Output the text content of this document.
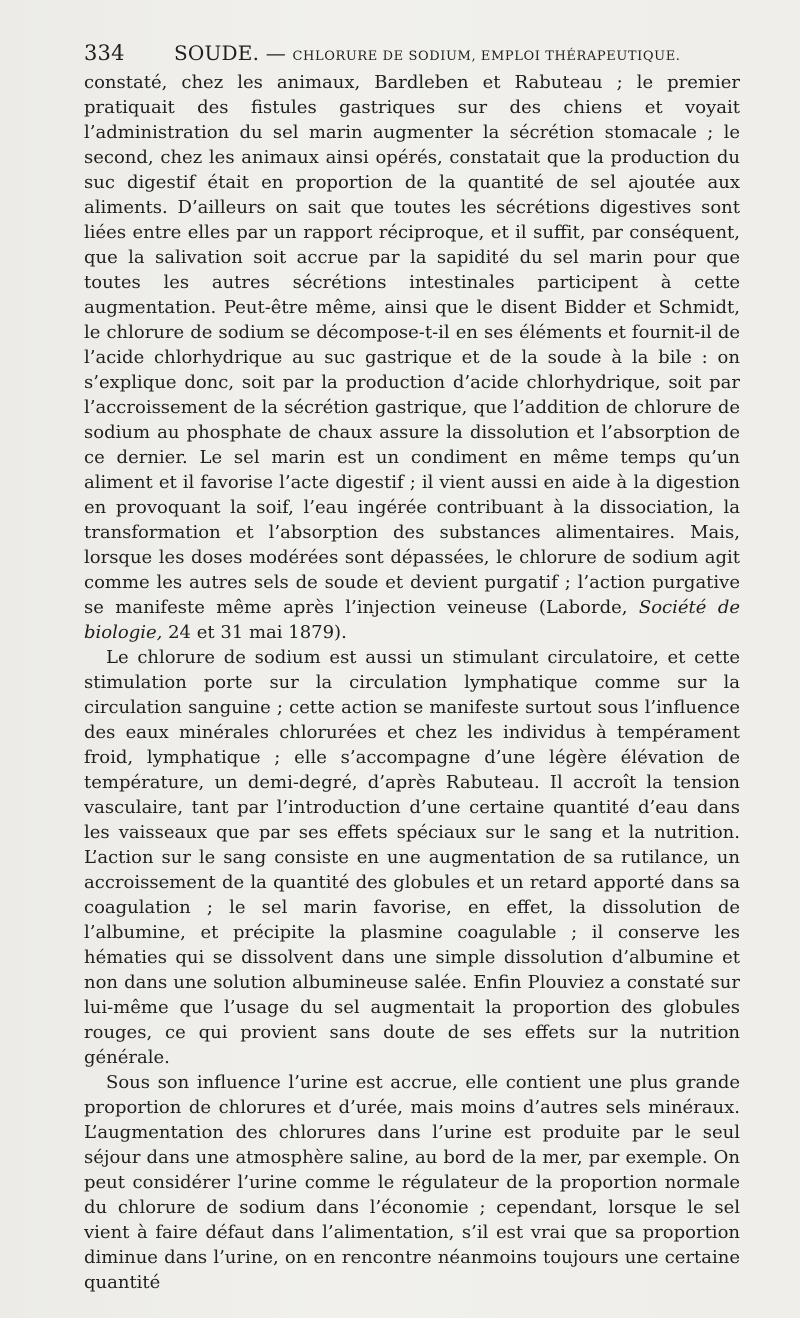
334 SOUDE. — CHLORURE DE SODIUM, EMPLOI THÉRAPEUTIQUE.

constaté, chez les animaux, Bardleben et Rabuteau ; le premier pratiquait des fistules gastriques sur des chiens et voyait l’administration du sel marin augmenter la sécrétion stomacale ; le second, chez les animaux ainsi opérés, constatait que la production du suc digestif était en proportion de la quantité de sel ajoutée aux aliments. D’ailleurs on sait que toutes les sécrétions digestives sont liées entre elles par un rapport réciproque, et il suffit, par conséquent, que la salivation soit accrue par la sapidité du sel marin pour que toutes les autres sécrétions intestinales participent à cette augmentation. Peut-être même, ainsi que le disent Bidder et Schmidt, le chlorure de sodium se décompose-t-il en ses éléments et fournit-il de l’acide chlorhydrique au suc gastrique et de la soude à la bile : on s’explique donc, soit par la production d’acide chlorhydrique, soit par l’accroissement de la sécrétion gastrique, que l’addition de chlorure de sodium au phosphate de chaux assure la dissolution et l’absorption de ce dernier. Le sel marin est un condiment en même temps qu’un aliment et il favorise l’acte digestif ; il vient aussi en aide à la digestion en provoquant la soif, l’eau ingérée contribuant à la dissociation, la transformation et l’absorption des substances alimentaires. Mais, lorsque les doses modérées sont dépassées, le chlorure de sodium agit comme les autres sels de soude et devient purgatif ; l’action purgative se manifeste même après l’injection veineuse (Laborde, Société de biologie, 24 et 31 mai 1879).

Le chlorure de sodium est aussi un stimulant circulatoire, et cette stimulation porte sur la circulation lymphatique comme sur la circulation sanguine ; cette action se manifeste surtout sous l’influence des eaux minérales chlorurées et chez les individus à tempérament froid, lymphatique ; elle s’accompagne d’une légère élévation de température, un demi-degré, d’après Rabuteau. Il accroît la tension vasculaire, tant par l’introduction d’une certaine quantité d’eau dans les vaisseaux que par ses effets spéciaux sur le sang et la nutrition. L’action sur le sang consiste en une augmentation de sa rutilance, un accroissement de la quantité des globules et un retard apporté dans sa coagulation ; le sel marin favorise, en effet, la dissolution de l’albumine, et précipite la plasmine coagulable ; il conserve les hématies qui se dissolvent dans une simple dissolution d’albumine et non dans une solution albumineuse salée. Enfin Plouviez a constaté sur lui-même que l’usage du sel augmentait la proportion des globules rouges, ce qui provient sans doute de ses effets sur la nutrition générale.

Sous son influence l’urine est accrue, elle contient une plus grande proportion de chlorures et d’urée, mais moins d’autres sels minéraux. L’augmentation des chlorures dans l’urine est produite par le seul séjour dans une atmosphère saline, au bord de la mer, par exemple. On peut considérer l’urine comme le régulateur de la proportion normale du chlorure de sodium dans l’économie ; cependant, lorsque le sel vient à faire défaut dans l’alimentation, s’il est vrai que sa proportion diminue dans l’urine, on en rencontre néanmoins toujours une certaine quantité
